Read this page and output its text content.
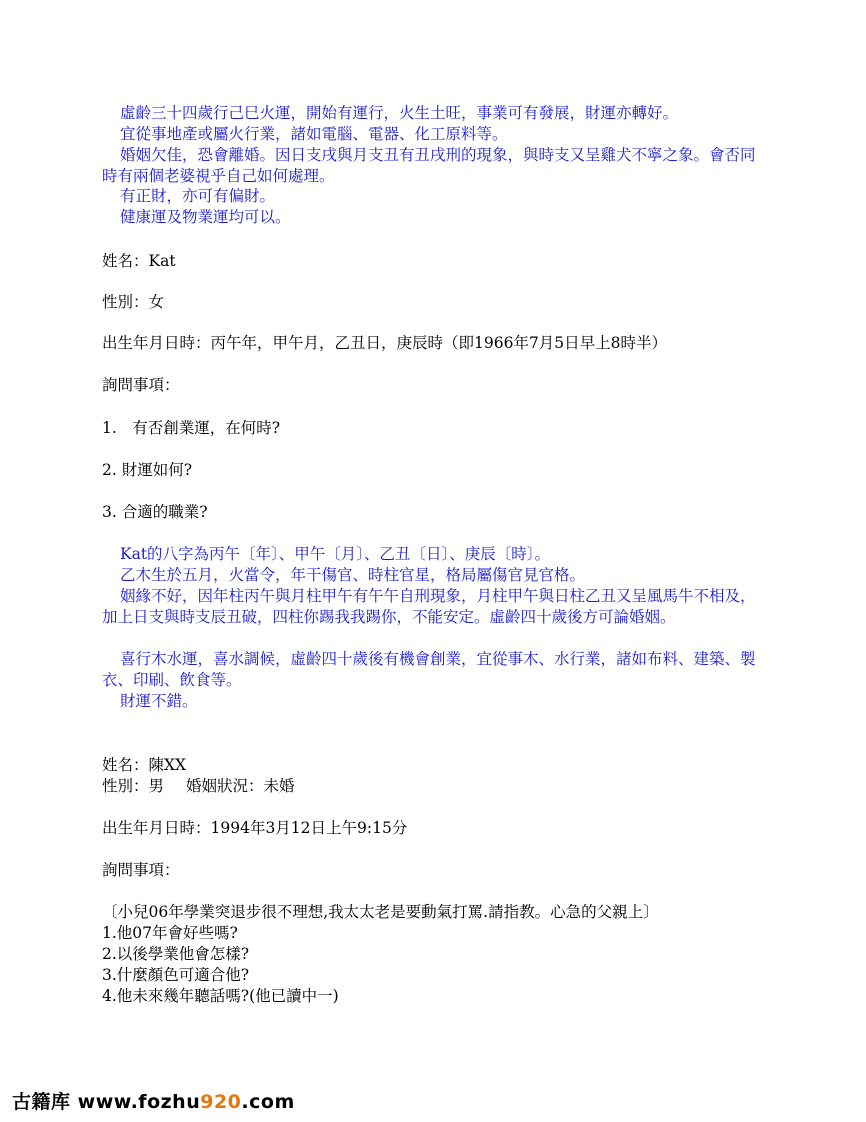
虛齡三十四歲行己巳火運，開始有運行，火生土旺，事業可有發展，財運亦轉好。

宜從事地產或屬火行業，諸如電腦、電器、化工原料等。

婚姻欠佳，恐會離婚。因日支戌與月支丑有丑戌刑的現象，與時支又呈雞犬不寧之象。會否同時有兩個老婆視乎自己如何處理。

有正財，亦可有偏財。

健康運及物業運均可以。

姓名：Kat
性別：女
出生年月日時：丙午年，甲午月，乙丑日，庚辰時（即1966年7月5日早上8時半）
詢問事項：
1.　有否創業運，在何時?
2. 財運如何?
3. 合適的職業?

Kat的八字為丙午〔年〕、甲午〔月〕、乙丑〔日〕、庚辰〔時〕。

乙木生於五月，火當令，年干傷官、時柱官星，格局屬傷官見官格。

姻緣不好，因年柱丙午與月柱甲午有午午自刑現象，月柱甲午與日柱乙丑又呈風馬牛不相及，加上日支與時支辰丑破，四柱你踢我我踢你，不能安定。虛齡四十歲後方可論婚姻。

喜行木水運，喜水調候，虛齡四十歲後有機會創業，宜從事木、水行業，諸如布料、建築、製衣、印刷、飲食等。

財運不錯。

姓名：陳XX
性別：男 婚姻狀況：未婚
出生年月日時：1994年3月12日上午9:15分
詢問事項：
〔小兒06年學業突退步很不理想,我太太老是要動氣打罵.請指教。心急的父親上〕
1.他07年會好些嗎?
2.以後學業他會怎樣?
3.什麼顏色可適合他?
4.他未來幾年聽話嗎?(他已讀中一)
古籍库 www.fozhu920.com
